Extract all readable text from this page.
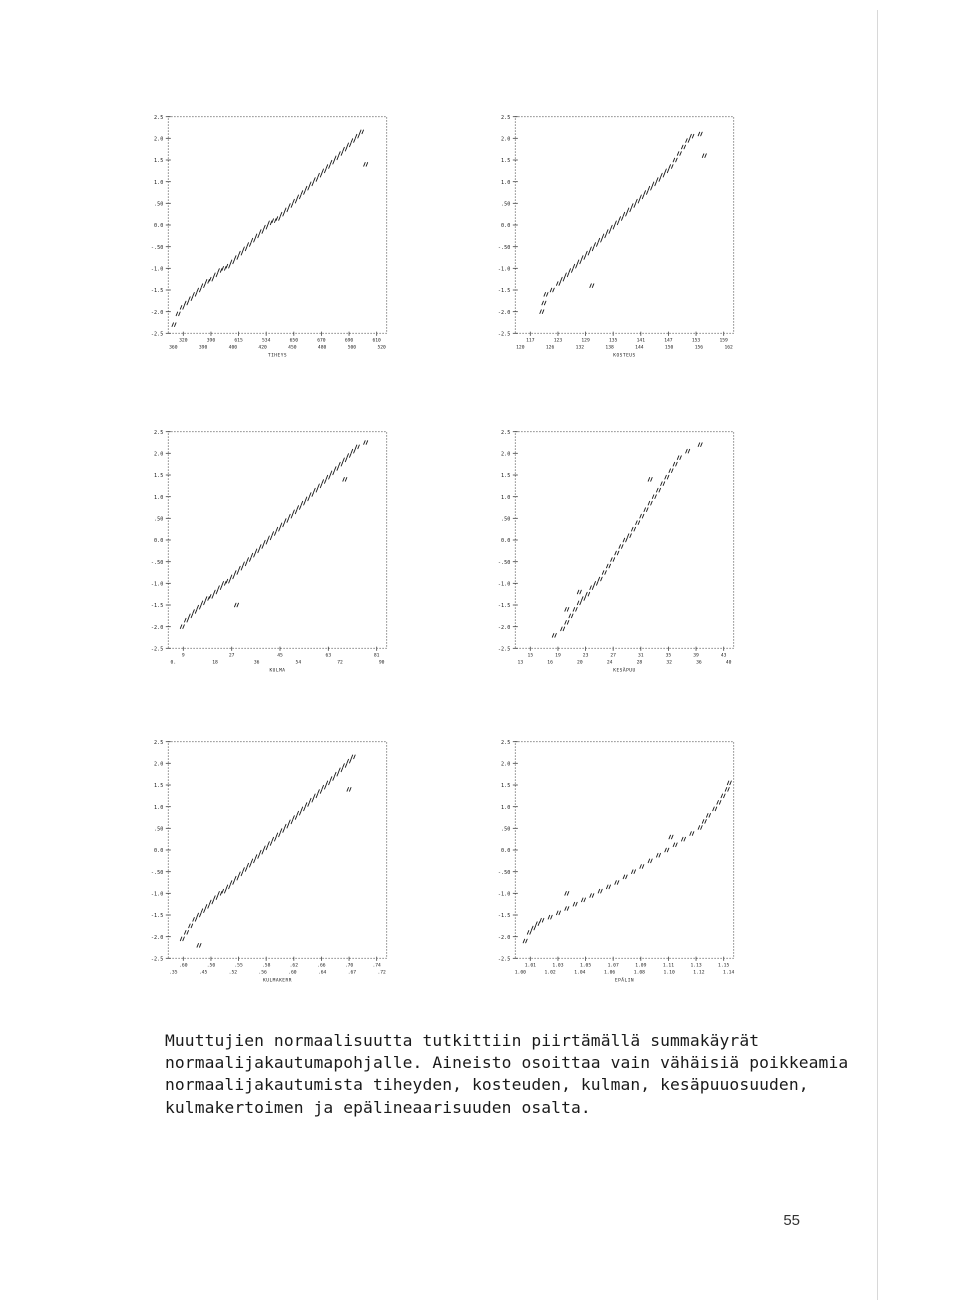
2.5
2.0
1.5
1.0
.50
0.0
-.50
-1.0
-1.5
-2.0
-2.5
320	390	615	534	650	670	690	610
360	390	400	420	450	480	500	520
TIHEYS
2.5
2.0
1.5
1.0
.50
0.0
-.50
-1.0
-1.5
-2.0
-2.5
117	123	129	135	141	147	153	159
120	126	132	138	144	150	156	162
KOSTEUS
2.5
2.0
1.5
1.0
.50
0.0
-.50
-1.0
-1.5
-2.0
-2.5
9	27	45	63	81
0.	18	36	54	72	90
KULMA
2.5
2.0
1.5
1.0
.50
0.0
-.50
-1.0
-1.5
-2.0
-2.5
15	19	23	27	31	35	39	43
13	16	20	24	28	32	36	40
KESÄPUU
2.5
2.0
1.5
1.0
.50
0.0
-.50
-1.0
-1.5
-2.0
-2.5
.60	.50	.55	.58	.62	.66	.70	.74
.35	.45	.52	.56	.60	.64	.67	.72
KULMAKERR
2.5
2.0
1.5
1.0
.50
0.0
-.50
-1.0
-1.5
-2.0
-2.5
1.01	1.03	1.05	1.07	1.09	1.11	1.13	1.15
1.00	1.02	1.04	1.06	1.08	1.10	1.12	1.14
EPÄLIN
Muuttujien normaalisuutta tutkittiin piirtämällä summakäyrät
normaalijakautumapohjalle. Aineisto osoittaa vain vähäisiä poikkeamia
normaalijakautumista tiheyden, kosteuden, kulman, kesäpuuosuuden,
kulmakertoimen ja epälineaarisuuden osalta.
55
